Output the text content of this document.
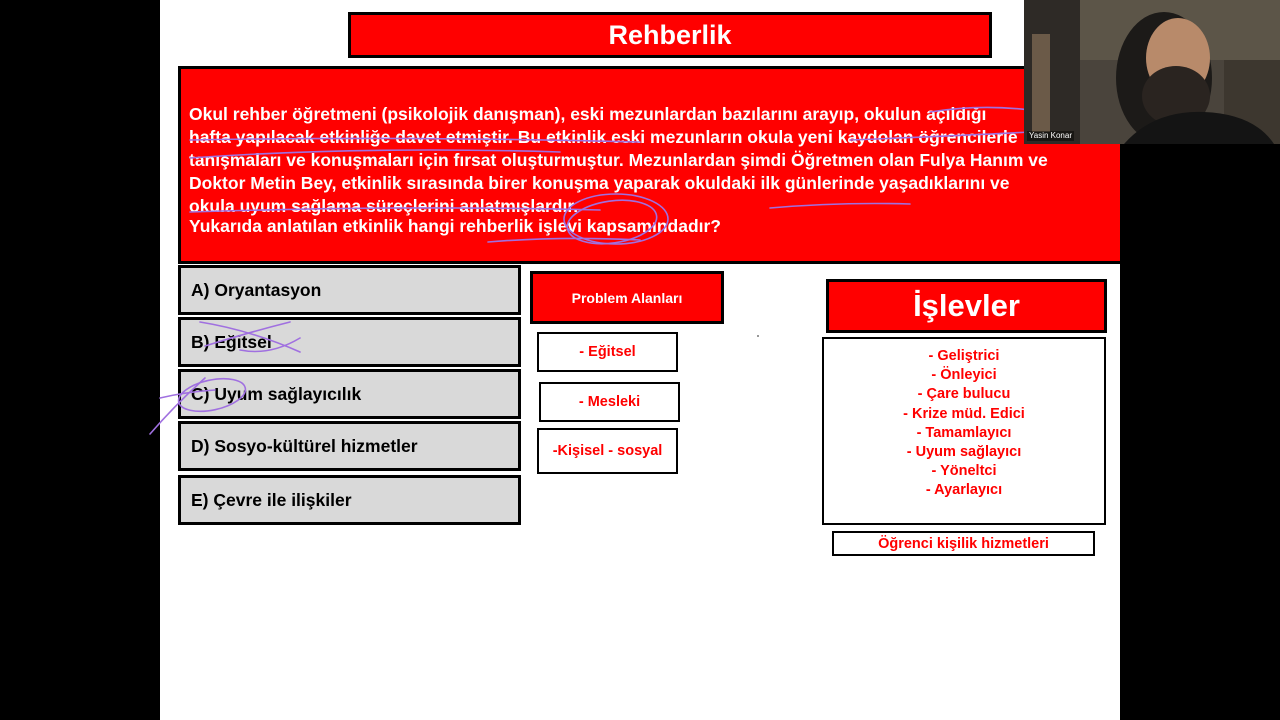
Rehberlik
Okul rehber öğretmeni (psikolojik danışman), eski mezunlardan bazılarını arayıp, okulun açıldığı
hafta yapılacak etkinliğe davet etmiştir. Bu etkinlik eski mezunların okula yeni kaydolan öğrencilerle
tanışmaları ve konuşmaları için fırsat oluşturmuştur. Mezunlardan şimdi Öğretmen olan Fulya Hanım ve
Doktor Metin Bey, etkinlik sırasında birer konuşma yaparak okuldaki ilk günlerinde yaşadıklarını ve
okula uyum sağlama süreçlerini anlatmışlardır.
Yukarıda anlatılan etkinlik hangi rehberlik işlevi kapsamındadır?
A) Oryantasyon
B) Eğitsel
C) Uyum sağlayıcılık
D) Sosyo-kültürel hizmetler
E) Çevre ile ilişkiler
Problem Alanları
- Eğitsel
- Mesleki
-Kişisel - sosyal
İşlevler
- Geliştrici
- Önleyici
- Çare bulucu
- Krize müd. Edici
- Tamamlayıcı
- Uyum sağlayıcı
- Yöneltci
- Ayarlayıcı
Öğrenci kişilik hizmetleri
Yasin Konar
